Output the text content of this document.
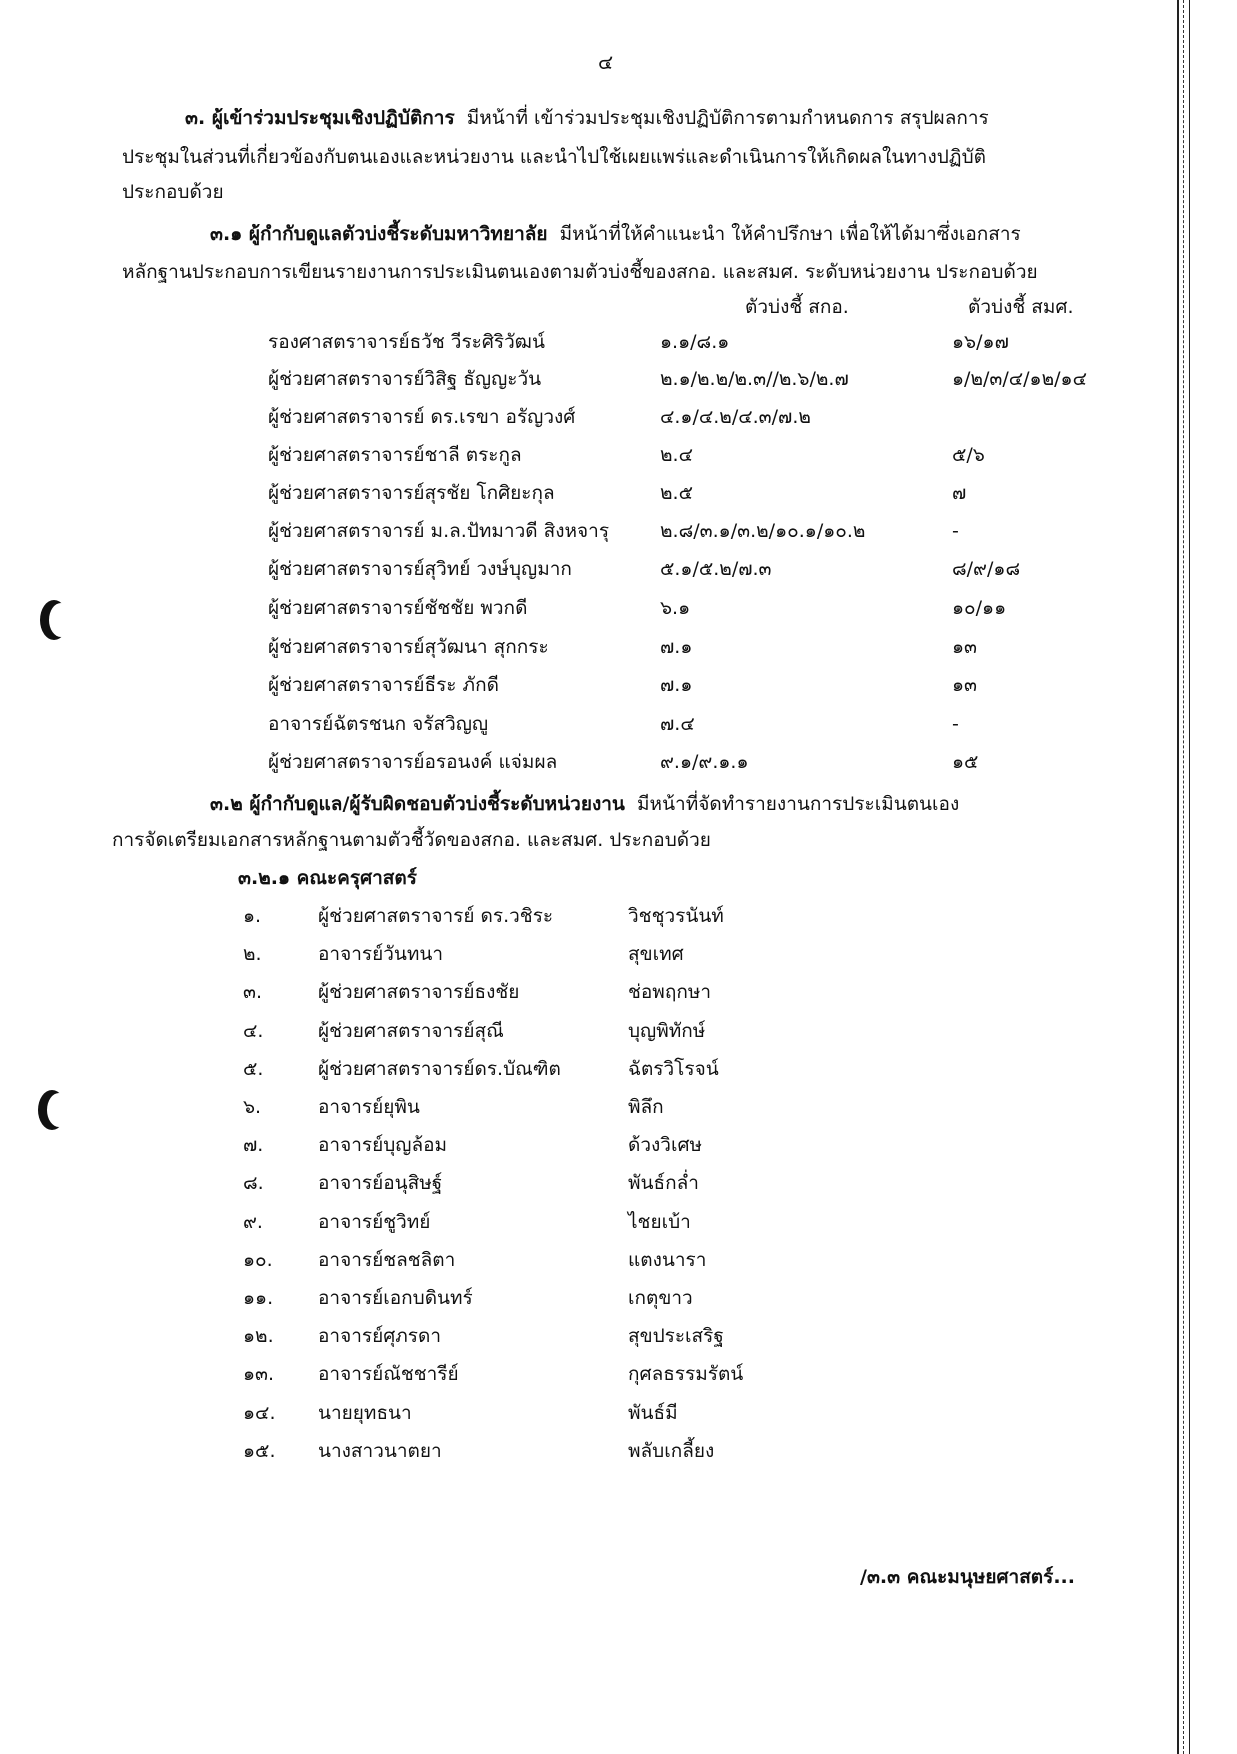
๔
๓. ผู้เข้าร่วมประชุมเชิงปฏิบัติการ มีหน้าที่ เข้าร่วมประชุมเชิงปฏิบัติการตามกำหนดการ สรุปผลการ
ประชุมในส่วนที่เกี่ยวข้องกับตนเองและหน่วยงาน และนำไปใช้เผยแพร่และดำเนินการให้เกิดผลในทางปฏิบัติ
ประกอบด้วย
๓.๑ ผู้กำกับดูแลตัวบ่งชี้ระดับมหาวิทยาลัย มีหน้าที่ให้คำแนะนำ ให้คำปรึกษา เพื่อให้ได้มาซึ่งเอกสาร
หลักฐานประกอบการเขียนรายงานการประเมินตนเองตามตัวบ่งชี้ของสกอ. และสมศ. ระดับหน่วยงาน ประกอบด้วย
ตัวบ่งชี้ สกอ.	ตัวบ่งชี้ สมศ.
รองศาสตราจารย์ธวัช วีระศิริวัฒน์	๑.๑/๘.๑	๑๖/๑๗
ผู้ช่วยศาสตราจารย์วิสิฐ ธัญญะวัน	๒.๑/๒.๒/๒.๓//๒.๖/๒.๗	๑/๒/๓/๔/๑๒/๑๔
ผู้ช่วยศาสตราจารย์ ดร.เรขา อรัญวงศ์	๔.๑/๔.๒/๔.๓/๗.๒
ผู้ช่วยศาสตราจารย์ชาลี ตระกูล	๒.๔	๕/๖
ผู้ช่วยศาสตราจารย์สุรชัย โกศิยะกุล	๒.๕	๗
ผู้ช่วยศาสตราจารย์ ม.ล.ปัทมาวดี สิงหจารุ	๒.๘/๓.๑/๓.๒/๑๐.๑/๑๐.๒	-
ผู้ช่วยศาสตราจารย์สุวิทย์ วงษ์บุญมาก	๕.๑/๕.๒/๗.๓	๘/๙/๑๘
ผู้ช่วยศาสตราจารย์ชัชชัย พวกดี	๖.๑	๑๐/๑๑
ผู้ช่วยศาสตราจารย์สุวัฒนา สุกกระ	๗.๑	๑๓
ผู้ช่วยศาสตราจารย์ธีระ ภักดี	๗.๑	๑๓
อาจารย์ฉัตรชนก จรัสวิญญู	๗.๔	-
ผู้ช่วยศาสตราจารย์อรอนงค์ แจ่มผล	๙.๑/๙.๑.๑	๑๕
๓.๒ ผู้กำกับดูแล/ผู้รับผิดชอบตัวบ่งชี้ระดับหน่วยงาน มีหน้าที่จัดทำรายงานการประเมินตนเอง
การจัดเตรียมเอกสารหลักฐานตามตัวชี้วัดของสกอ. และสมศ. ประกอบด้วย
๓.๒.๑ คณะครุศาสตร์
๑.	ผู้ช่วยศาสตราจารย์ ดร.วชิระ	วิชชุวรนันท์
๒.	อาจารย์วันทนา	สุขเทศ
๓.	ผู้ช่วยศาสตราจารย์ธงชัย	ช่อพฤกษา
๔.	ผู้ช่วยศาสตราจารย์สุณี	บุญพิทักษ์
๕.	ผู้ช่วยศาสตราจารย์ดร.บัณฑิต	ฉัตรวิโรจน์
๖.	อาจารย์ยุพิน	พิลึก
๗.	อาจารย์บุญล้อม	ด้วงวิเศษ
๘.	อาจารย์อนุสิษฐ์	พันธ์กล่ำ
๙.	อาจารย์ชูวิทย์	ไชยเบ้า
๑๐. อาจารย์ชลชลิตา	แตงนารา
๑๑. อาจารย์เอกบดินทร์	เกตุขาว
๑๒. อาจารย์ศุภรดา	สุขประเสริฐ
๑๓. อาจารย์ณัชชารีย์	กุศลธรรมรัตน์
๑๔. นายยุทธนา	พันธ์มี
๑๕. นางสาวนาตยา	พลับเกลี้ยง
/๓.๓ คณะมนุษยศาสตร์...
